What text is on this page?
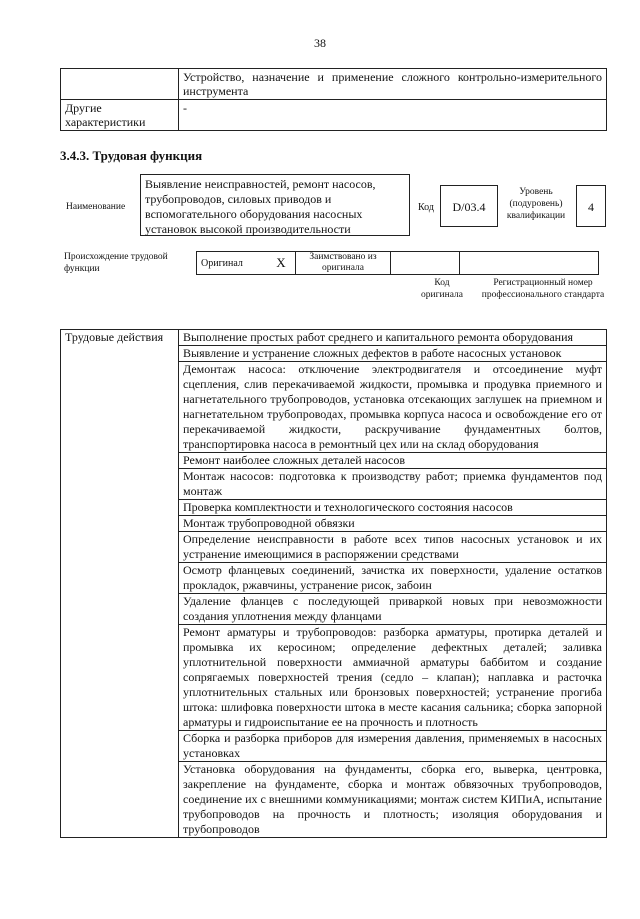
38
	Устройство, назначение и применение сложного контрольно-измерительного инструмента
Другие характеристики	-
3.4.3. Трудовая функция
Наименование
Выявление неисправностей, ремонт насосов, трубопроводов, силовых приводов и вспомогательного оборудования насосных установок высокой производительности
Код	D/03.4
Уровень (подуровень) квалификации
4
Происхождение трудовой функции
Оригинал	X	Заимствовано из оригинала		
Код оригинала
Регистрационный номер профессионального стандарта
Трудовые действия	Выполнение простых работ среднего и капитального ремонта оборудования
Выявление и устранение сложных дефектов в работе насосных установок
Демонтаж насоса: отключение электродвигателя и отсоединение муфт сцепления, слив перекачиваемой жидкости, промывка и продувка приемного и нагнетательного трубопроводов, установка отсекающих заглушек на приемном и нагнетательном трубопроводах, промывка корпуса насоса и освобождение его от перекачиваемой жидкости, раскручивание фундаментных болтов, транспортировка насоса в ремонтный цех или на склад оборудования
Ремонт наиболее сложных деталей насосов
Монтаж насосов: подготовка к производству работ; приемка фундаментов под монтаж
Проверка комплектности и технологического состояния насосов
Монтаж трубопроводной обвязки
Определение неисправности в работе всех типов насосных установок и их устранение имеющимися в распоряжении средствами
Осмотр фланцевых соединений, зачистка их поверхности, удаление остатков прокладок, ржавчины, устранение рисок, забоин
Удаление фланцев с последующей приваркой новых при невозможности создания уплотнения между фланцами
Ремонт арматуры и трубопроводов: разборка арматуры, протирка деталей и промывка их керосином; определение дефектных деталей; заливка уплотнительной поверхности аммиачной арматуры баббитом и создание сопрягаемых поверхностей трения (седло – клапан); наплавка и расточка уплотнительных стальных или бронзовых поверхностей; устранение прогиба штока: шлифовка поверхности штока в месте касания сальника; сборка запорной арматуры и гидроиспытание ее на прочность и плотность
Сборка и разборка приборов для измерения давления, применяемых в насосных установках
Установка оборудования на фундаменты, сборка его, выверка, центровка, закрепление на фундаменте, сборка и монтаж обвязочных трубопроводов, соединение их с внешними коммуникациями; монтаж систем КИПиА, испытание трубопроводов на прочность и плотность; изоляция оборудования и трубопроводов
